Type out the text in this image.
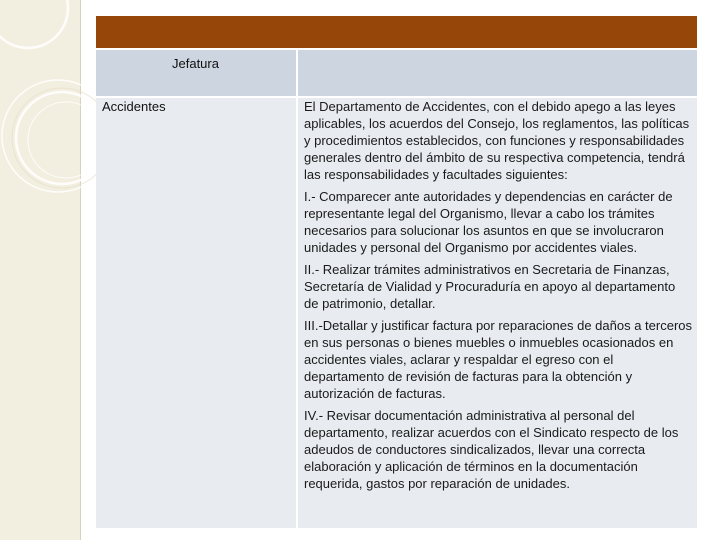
Jefatura
Accidentes	El Departamento de Accidentes, con el debido apego a las leyes aplicables, los acuerdos del Consejo, los reglamentos, las políticas y procedimientos establecidos, con funciones y responsabilidades generales dentro del ámbito de su respectiva competencia, tendrá las responsabilidades y facultades siguientes:

I.- Comparecer ante autoridades y dependencias en carácter de representante legal del Organismo, llevar a cabo los trámites necesarios para solucionar los asuntos en que se involucraron unidades y personal del Organismo por accidentes viales.

II.- Realizar trámites administrativos en Secretaria de Finanzas, Secretaría de Vialidad y Procuraduría en apoyo al departamento de patrimonio, detallar.

III.-Detallar y justificar factura por reparaciones de daños a terceros en sus personas o bienes muebles o inmuebles ocasionados en accidentes viales, aclarar y respaldar el egreso con el departamento de revisión de facturas para la obtención y autorización de facturas.

IV.- Revisar documentación administrativa al personal del departamento, realizar acuerdos con el Sindicato respecto de los adeudos de conductores sindicalizados, llevar una correcta elaboración y aplicación de términos en la documentación requerida, gastos por reparación de unidades.
